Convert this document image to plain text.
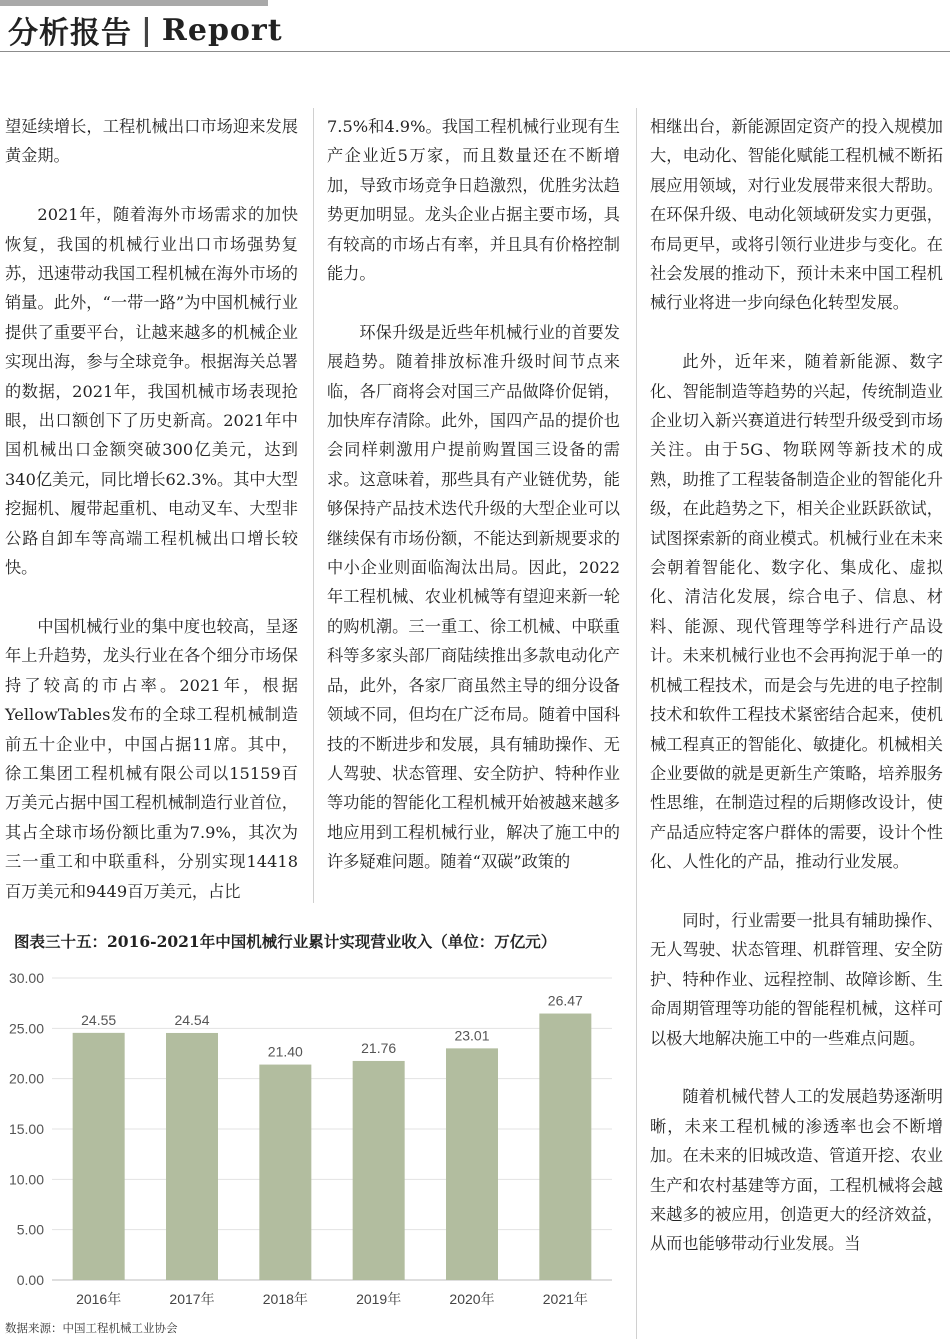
分析报告 | Report

望延续增长，工程机械出口市场迎来发展黄金期。

2021年，随着海外市场需求的加快恢复，我国的机械行业出口市场强势复苏，迅速带动我国工程机械在海外市场的销量。此外，“一带一路”为中国机械行业提供了重要平台，让越来越多的机械企业实现出海，参与全球竞争。根据海关总署的数据，2021年，我国机械市场表现抢眼，出口额创下了历史新高。2021年中国机械出口金额突破300亿美元，达到340亿美元，同比增长62.3%。其中大型挖掘机、履带起重机、电动叉车、大型非公路自卸车等高端工程机械出口增长较快。

中国机械行业的集中度也较高，呈逐年上升趋势，龙头行业在各个细分市场保持了较高的市占率。2021年，根据YellowTables发布的全球工程机械制造前五十企业中，中国占据11席。其中，徐工集团工程机械有限公司以15159百万美元占据中国工程机械制造行业首位，其占全球市场份额比重为7.9%，其次为三一重工和中联重科，分别实现14418百万美元和9449百万美元，占比

7.5%和4.9%。我国工程机械行业现有生产企业近5万家，而且数量还在不断增加，导致市场竞争日趋激烈，优胜劣汰趋势更加明显。龙头企业占据主要市场，具有较高的市场占有率，并且具有价格控制能力。

环保升级是近些年机械行业的首要发展趋势。随着排放标准升级时间节点来临，各厂商将会对国三产品做降价促销，加快库存清除。此外，国四产品的提价也会同样刺激用户提前购置国三设备的需求。这意味着，那些具有产业链优势，能够保持产品技术迭代升级的大型企业可以继续保有市场份额，不能达到新规要求的中小企业则面临淘汰出局。因此，2022年工程机械、农业机械等有望迎来新一轮的购机潮。三一重工、徐工机械、中联重科等多家头部厂商陆续推出多款电动化产品，此外，各家厂商虽然主导的细分设备领域不同，但均在广泛布局。随着中国科技的不断进步和发展，具有辅助操作、无人驾驶、状态管理、安全防护、特种作业等功能的智能化工程机械开始被越来越多地应用到工程机械行业，解决了施工中的许多疑难问题。随着“双碳”政策的

相继出台，新能源固定资产的投入规模加大，电动化、智能化赋能工程机械不断拓展应用领域，对行业发展带来很大帮助。在环保升级、电动化领域研发实力更强，布局更早，或将引领行业进步与变化。在社会发展的推动下，预计未来中国工程机械行业将进一步向绿色化转型发展。

此外，近年来，随着新能源、数字化、智能制造等趋势的兴起，传统制造业企业切入新兴赛道进行转型升级受到市场关注。由于5G、物联网等新技术的成熟，助推了工程装备制造企业的智能化升级，在此趋势之下，相关企业跃跃欲试，试图探索新的商业模式。机械行业在未来会朝着智能化、数字化、集成化、虚拟化、清洁化发展，综合电子、信息、材料、能源、现代管理等学科进行产品设计。未来机械行业也不会再拘泥于单一的机械工程技术，而是会与先进的电子控制技术和软件工程技术紧密结合起来，使机械工程真正的智能化、敏捷化。机械相关企业要做的就是更新生产策略，培养服务性思维，在制造过程的后期修改设计，使产品适应特定客户群体的需要，设计个性化、人性化的产品，推动行业发展。

同时，行业需要一批具有辅助操作、无人驾驶、状态管理、机群管理、安全防护、特种作业、远程控制、故障诊断、生命周期管理等功能的智能程机械，这样可以极大地解决施工中的一些难点问题。

随着机械代替人工的发展趋势逐渐明晰，未来工程机械的渗透率也会不断增加。在未来的旧城改造、管道开挖、农业生产和农村基建等方面，工程机械将会越来越多的被应用，创造更大的经济效益，从而也能够带动行业发展。当

图表三十五：2016-2021年中国机械行业累计实现营业收入（单位：万亿元）
0.00
5.00
10.00
15.00
20.00
25.00
30.00
24.55
2016年
24.54
2017年
21.40
2018年
21.76
2019年
23.01
2020年
26.47
2021年
数据来源：中国工程机械工业协会
